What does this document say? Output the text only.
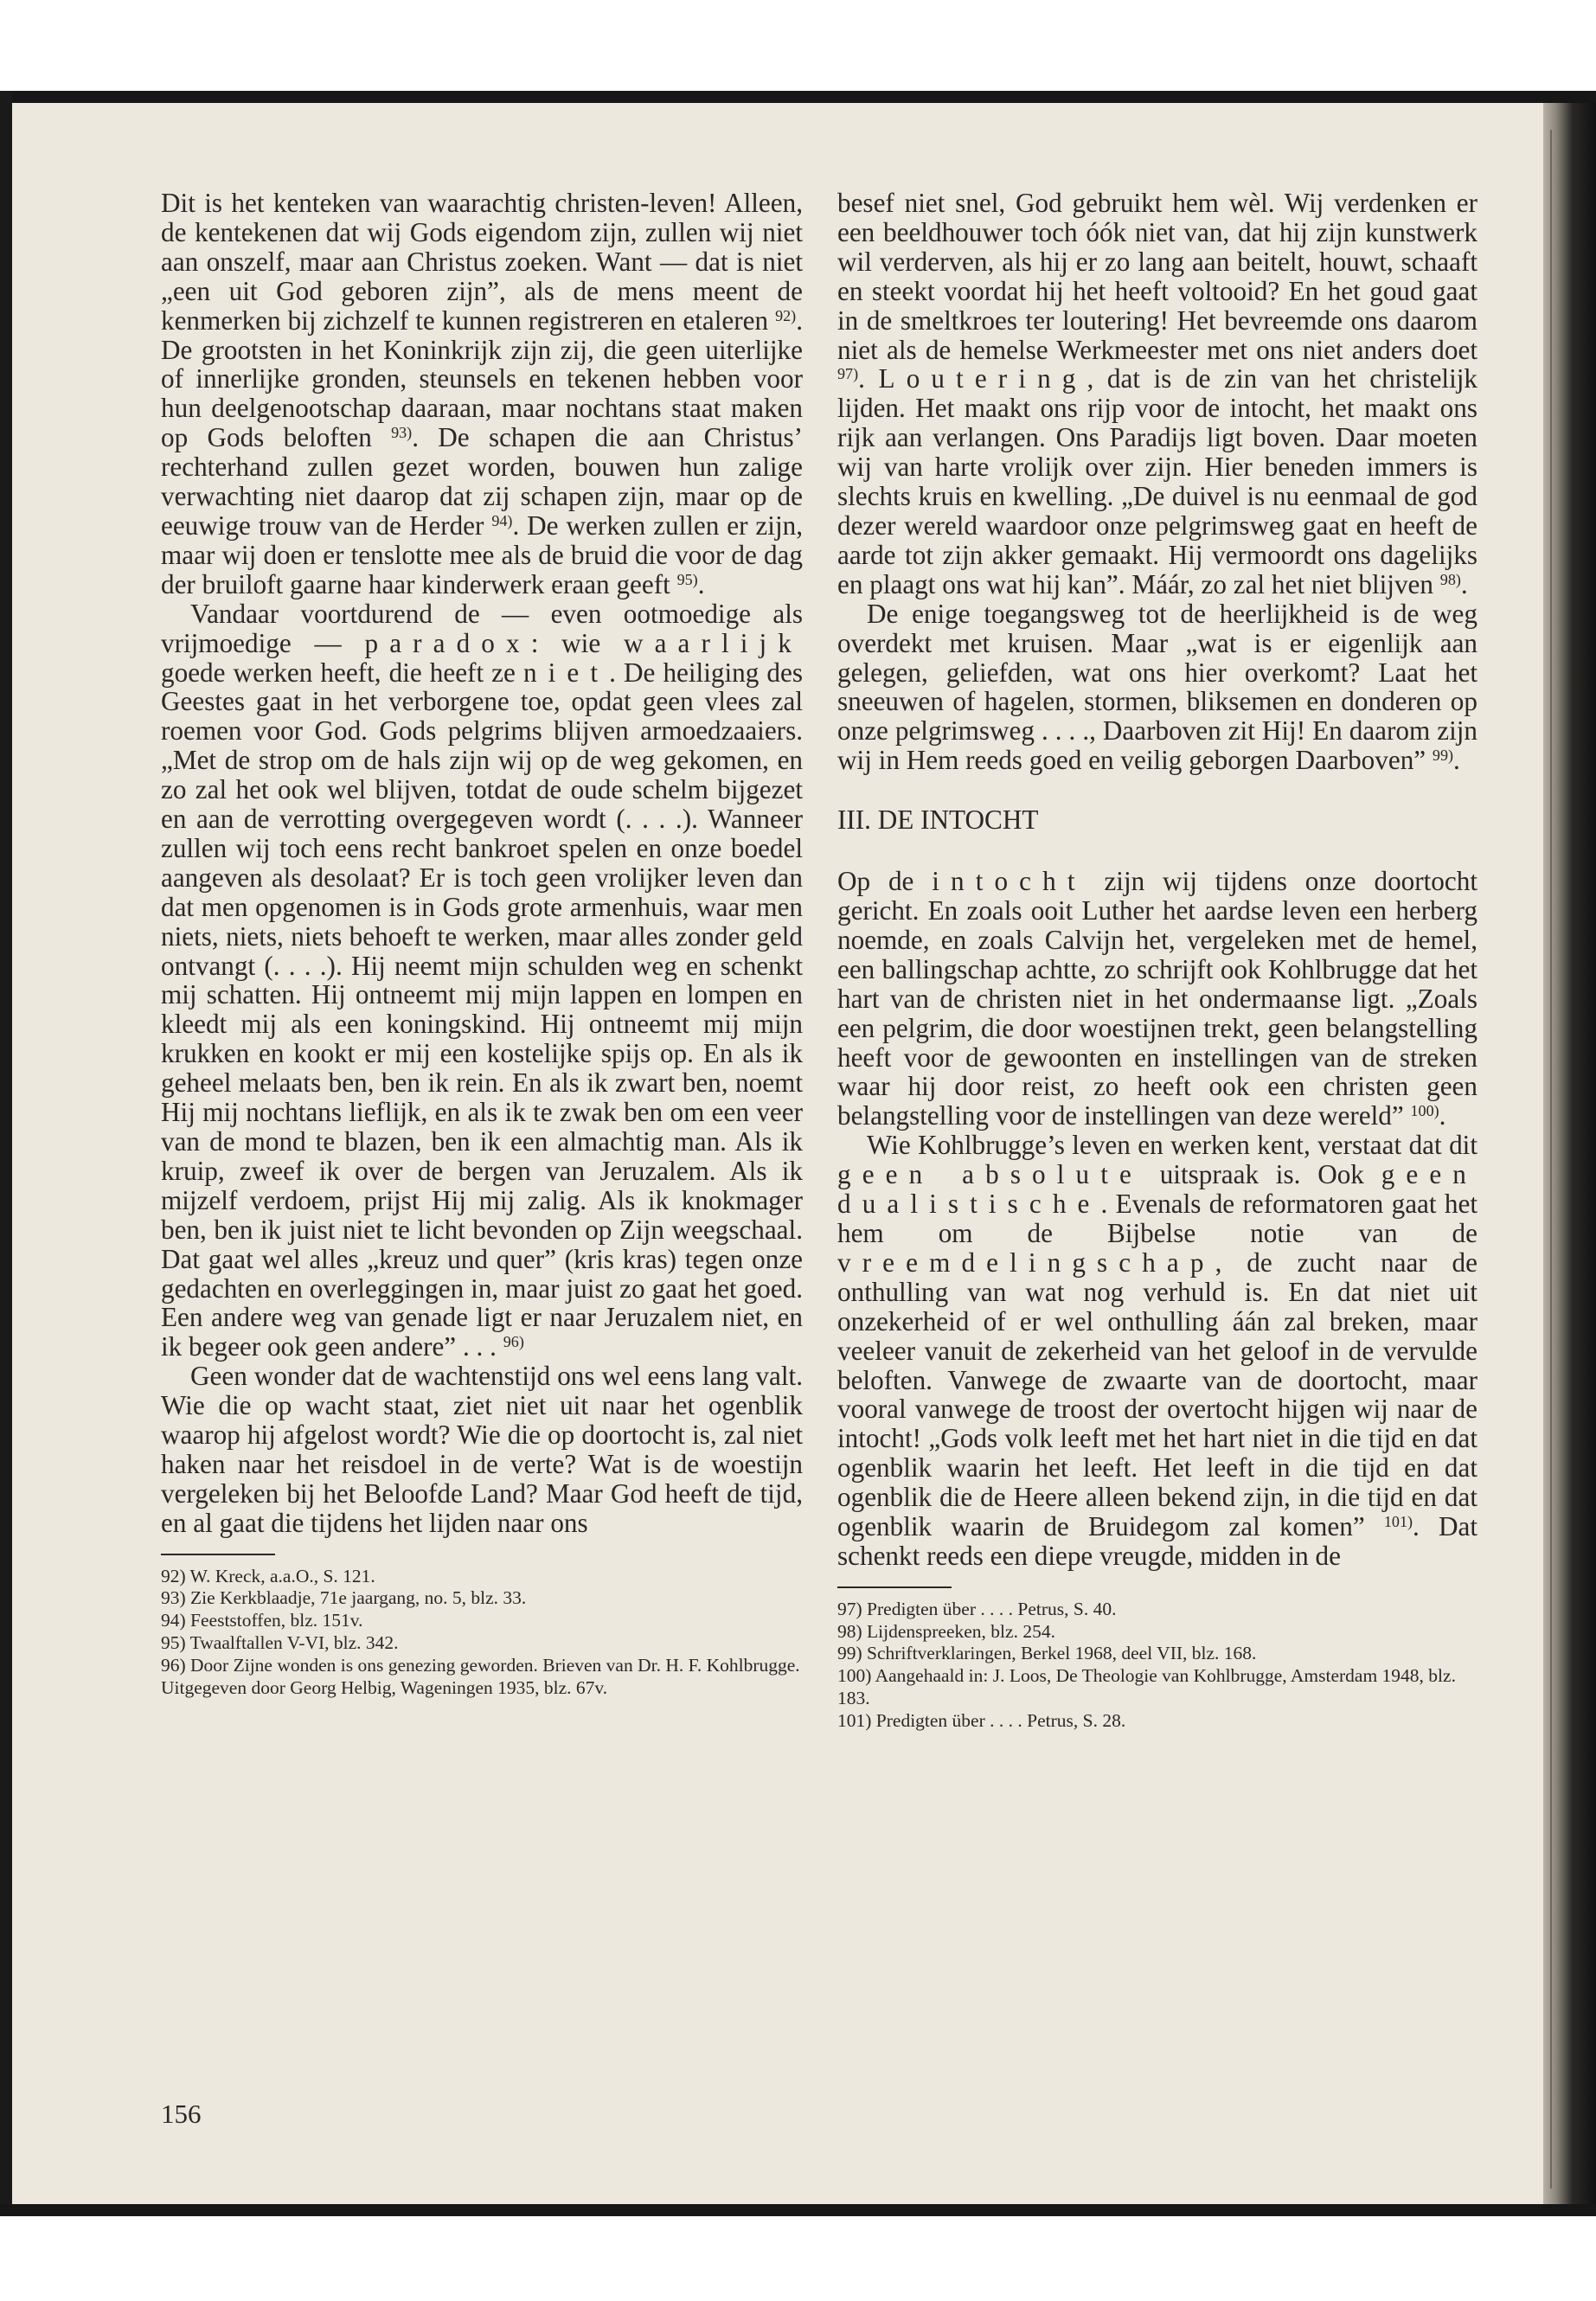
Dit is het kenteken van waarachtig christen-leven! Alleen, de kentekenen dat wij Gods eigendom zijn, zullen wij niet aan onszelf, maar aan Christus zoeken. Want — dat is niet „een uit God geboren zijn”, als de mens meent de kenmerken bij zichzelf te kunnen registreren en etaleren $^{92)}$. De grootsten in het Koninkrijk zijn zij, die geen uiterlijke of innerlijke gronden, steunsels en tekenen hebben voor hun deelgenootschap daaraan, maar nochtans staat maken op Gods beloften $^{93)}$. De schapen die aan Christus’ rechterhand zullen gezet worden, bouwen hun zalige verwachting niet daarop dat zij schapen zijn, maar op de eeuwige trouw van de Herder $^{94)}$. De werken zullen er zijn, maar wij doen er tenslotte mee als de bruid die voor de dag der bruiloft gaarne haar kinderwerk eraan geeft $^{95)}$.

Vandaar voortdurend de — even ootmoedige als vrijmoedige — paradox: wie waarlijk goede werken heeft, die heeft ze niet. De heiliging des Geestes gaat in het verborgene toe, opdat geen vlees zal roemen voor God. Gods pelgrims blijven armoedzaaiers. „Met de strop om de hals zijn wij op de weg gekomen, en zo zal het ook wel blijven, totdat de oude schelm bijgezet en aan de verrotting overgegeven wordt (. . . .). Wanneer zullen wij toch eens recht bankroet spelen en onze boedel aangeven als desolaat? Er is toch geen vrolijker leven dan dat men opgenomen is in Gods grote armenhuis, waar men niets, niets, niets behoeft te werken, maar alles zonder geld ontvangt (. . . .). Hij neemt mijn schulden weg en schenkt mij schatten. Hij ontneemt mij mijn lappen en lompen en kleedt mij als een koningskind. Hij ontneemt mij mijn krukken en kookt er mij een kostelijke spijs op. En als ik geheel melaats ben, ben ik rein. En als ik zwart ben, noemt Hij mij nochtans lieflijk, en als ik te zwak ben om een veer van de mond te blazen, ben ik een almachtig man. Als ik kruip, zweef ik over de bergen van Jeruzalem. Als ik mijzelf verdoem, prijst Hij mij zalig. Als ik knokmager ben, ben ik juist niet te licht bevonden op Zijn weegschaal. Dat gaat wel alles „kreuz und quer” (kris kras) tegen onze gedachten en overleggingen in, maar juist zo gaat het goed. Een andere weg van genade ligt er naar Jeruzalem niet, en ik begeer ook geen andere” . . . $^{96)}$

Geen wonder dat de wachtenstijd ons wel eens lang valt. Wie die op wacht staat, ziet niet uit naar het ogenblik waarop hij afgelost wordt? Wie die op doortocht is, zal niet haken naar het reisdoel in de verte? Wat is de woestijn vergeleken bij het Beloofde Land? Maar God heeft de tijd, en al gaat die tijdens het lijden naar ons

92) W. Kreck, a.a.O., S. 121.
93) Zie Kerkblaadje, 71e jaargang, no. 5, blz. 33.
94) Feeststoffen, blz. 151v.
95) Twaalftallen V-VI, blz. 342.
96) Door Zijne wonden is ons genezing geworden. Brieven van Dr. H. F. Kohlbrugge. Uitgegeven door Georg Helbig, Wageningen 1935, blz. 67v.

besef niet snel, God gebruikt hem wèl. Wij verdenken er een beeldhouwer toch óók niet van, dat hij zijn kunstwerk wil verderven, als hij er zo lang aan beitelt, houwt, schaaft en steekt voordat hij het heeft voltooid? En het goud gaat in de smeltkroes ter loutering! Het bevreemde ons daarom niet als de hemelse Werkmeester met ons niet anders doet $^{97)}$. Loutering, dat is de zin van het christelijk lijden. Het maakt ons rijp voor de intocht, het maakt ons rijk aan verlangen. Ons Paradijs ligt boven. Daar moeten wij van harte vrolijk over zijn. Hier beneden immers is slechts kruis en kwelling. „De duivel is nu eenmaal de god dezer wereld waardoor onze pelgrimsweg gaat en heeft de aarde tot zijn akker gemaakt. Hij vermoordt ons dagelijks en plaagt ons wat hij kan”. Máár, zo zal het niet blijven $^{98)}$.

De enige toegangsweg tot de heerlijkheid is de weg overdekt met kruisen. Maar „wat is er eigenlijk aan gelegen, geliefden, wat ons hier overkomt? Laat het sneeuwen of hagelen, stormen, bliksemen en donderen op onze pelgrimsweg . . . ., Daarboven zit Hij! En daarom zijn wij in Hem reeds goed en veilig geborgen Daarboven” $^{99)}$.

III. DE INTOCHT

Op de intocht zijn wij tijdens onze doortocht gericht. En zoals ooit Luther het aardse leven een herberg noemde, en zoals Calvijn het, vergeleken met de hemel, een ballingschap achtte, zo schrijft ook Kohlbrugge dat het hart van de christen niet in het ondermaanse ligt. „Zoals een pelgrim, die door woestijnen trekt, geen belangstelling heeft voor de gewoonten en instellingen van de streken waar hij door reist, zo heeft ook een christen geen belangstelling voor de instellingen van deze wereld” $^{100)}$.

Wie Kohlbrugge’s leven en werken kent, verstaat dat dit geen absolute uitspraak is. Ook geen dualistische. Evenals de reformatoren gaat het hem om de Bijbelse notie van de vreemdelingschap, de zucht naar de onthulling van wat nog verhuld is. En dat niet uit onzekerheid of er wel onthulling áán zal breken, maar veeleer vanuit de zekerheid van het geloof in de vervulde beloften. Vanwege de zwaarte van de doortocht, maar vooral vanwege de troost der overtocht hijgen wij naar de intocht! „Gods volk leeft met het hart niet in die tijd en dat ogenblik waarin het leeft. Het leeft in die tijd en dat ogenblik die de Heere alleen bekend zijn, in die tijd en dat ogenblik waarin de Bruidegom zal komen” $^{101)}$. Dat schenkt reeds een diepe vreugde, midden in de

97) Predigten über . . . . Petrus, S. 40.
98) Lijdenspreeken, blz. 254.
99) Schriftverklaringen, Berkel 1968, deel VII, blz. 168.
100) Aangehaald in: J. Loos, De Theologie van Kohlbrugge, Amsterdam 1948, blz. 183.
101) Predigten über . . . . Petrus, S. 28.
156
